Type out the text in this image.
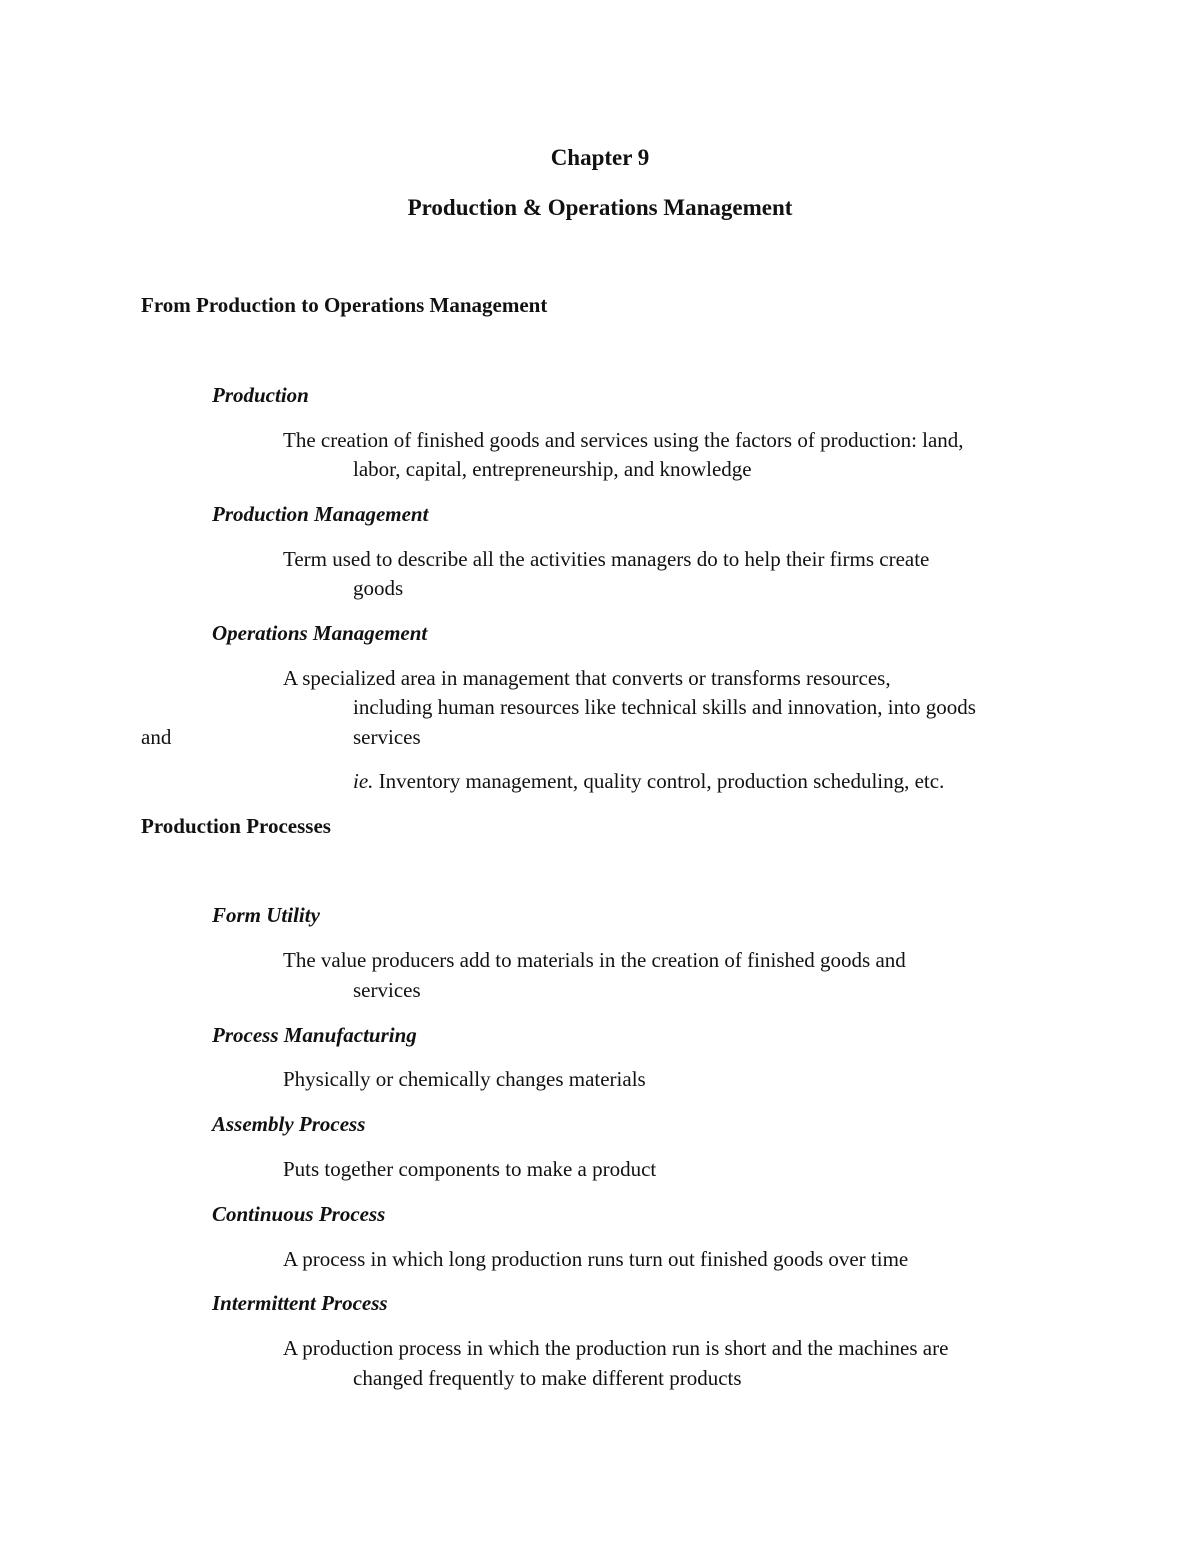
Chapter 9
Production & Operations Management
From Production to Operations Management
Production
The creation of finished goods and services using the factors of production: land,
labor, capital, entrepreneurship, and knowledge
Production Management
Term used to describe all the activities managers do to help their firms create
goods
Operations Management
A specialized area in management that converts or transforms resources,
including human resources like technical skills and innovation, into goods
and	services
ie. Inventory management, quality control, production scheduling, etc.
Production Processes
Form Utility
The value producers add to materials in the creation of finished goods and
services
Process Manufacturing
Physically or chemically changes materials
Assembly Process
Puts together components to make a product
Continuous Process
A process in which long production runs turn out finished goods over time
Intermittent Process
A production process in which the production run is short and the machines are
changed frequently to make different products
